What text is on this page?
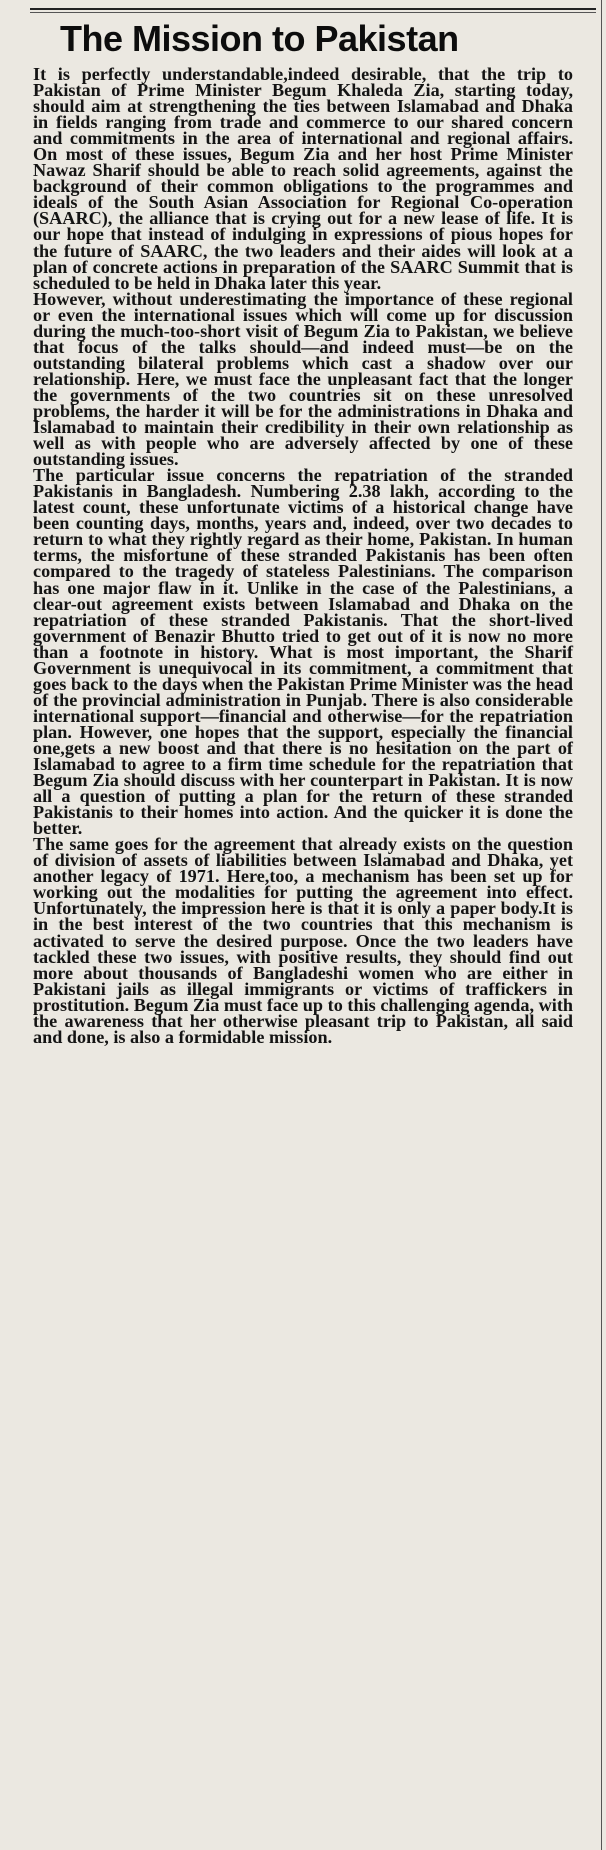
The Mission to Pakistan

It is perfectly understandable,indeed desirable, that the trip to Pakistan of Prime Minister Begum Khaleda Zia, starting today, should aim at strengthening the ties between Islamabad and Dhaka in fields ranging from trade and commerce to our shared concern and commitments in the area of international and regional affairs. On most of these issues, Begum Zia and her host Prime Minister Nawaz Sharif should be able to reach solid agreements, against the background of their common obligations to the programmes and ideals of the South Asian Association for Regional Co-operation (SAARC), the alliance that is crying out for a new lease of life. It is our hope that instead of indulging in expressions of pious hopes for the future of SAARC, the two leaders and their aides will look at a plan of concrete actions in preparation of the SAARC Summit that is scheduled to be held in Dhaka later this year.

However, without underestimating the importance of these regional or even the international issues which will come up for discussion during the much-too-short visit of Begum Zia to Pakistan, we believe that focus of the talks should—and indeed must—be on the outstanding bilateral problems which cast a shadow over our relationship. Here, we must face the unpleasant fact that the longer the governments of the two countries sit on these unresolved problems, the harder it will be for the administrations in Dhaka and Islamabad to maintain their credibility in their own relationship as well as with people who are adversely affected by one of these outstanding issues.

The particular issue concerns the repatriation of the stranded Pakistanis in Bangladesh. Numbering 2.38 lakh, according to the latest count, these unfortunate victims of a historical change have been counting days, months, years and, indeed, over two decades to return to what they rightly regard as their home, Pakistan. In human terms, the misfortune of these stranded Pakistanis has been often compared to the tragedy of stateless Palestinians. The comparison has one major flaw in it. Unlike in the case of the Palestinians, a clear-out agreement exists between Islamabad and Dhaka on the repatriation of these stranded Pakistanis. That the short-lived government of Benazir Bhutto tried to get out of it is now no more than a footnote in history. What is most important, the Sharif Government is unequivocal in its commitment, a commitment that goes back to the days when the Pakistan Prime Minister was the head of the provincial administration in Punjab. There is also considerable international support—financial and otherwise—for the repatriation plan. However, one hopes that the support, especially the financial one,gets a new boost and that there is no hesitation on the part of Islamabad to agree to a firm time schedule for the repatriation that Begum Zia should discuss with her counterpart in Pakistan. It is now all a question of putting a plan for the return of these stranded Pakistanis to their homes into action. And the quicker it is done the better.

The same goes for the agreement that already exists on the question of division of assets of liabilities between Islamabad and Dhaka, yet another legacy of 1971. Here,too, a mechanism has been set up for working out the modalities for putting the agreement into effect. Unfortunately, the impression here is that it is only a paper body.It is in the best interest of the two countries that this mechanism is activated to serve the desired purpose. Once the two leaders have tackled these two issues, with positive results, they should find out more about thousands of Bangladeshi women who are either in Pakistani jails as illegal immigrants or victims of traffickers in prostitution. Begum Zia must face up to this challenging agenda, with the awareness that her otherwise pleasant trip to Pakistan, all said and done, is also a formidable mission.
